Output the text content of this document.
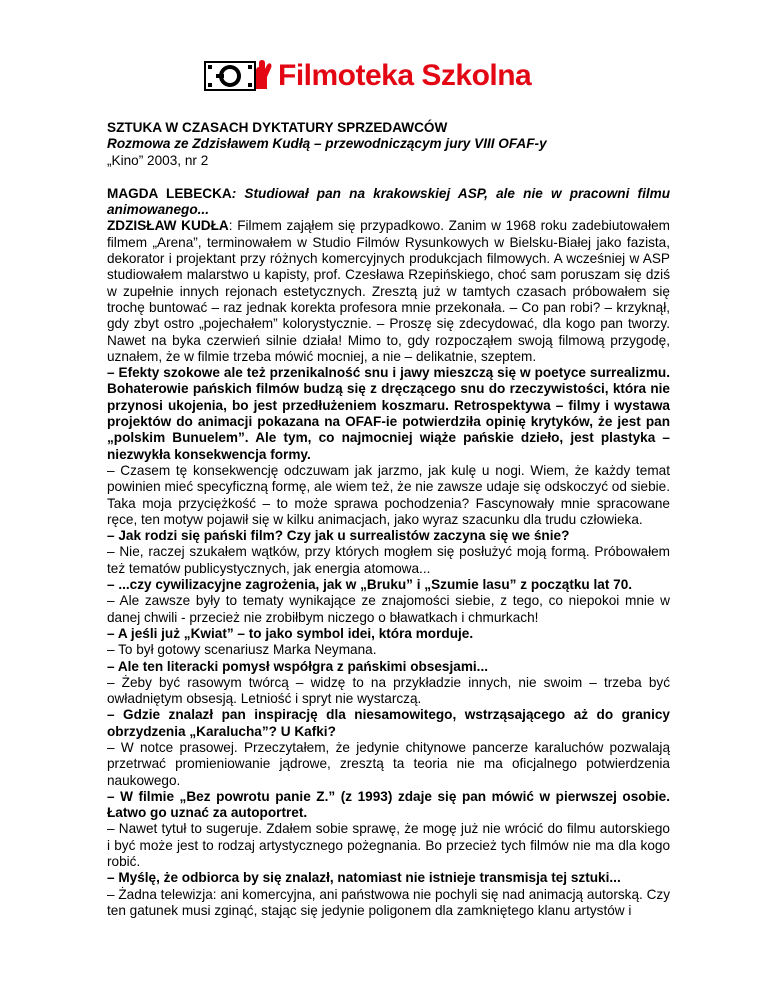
Filmoteka Szkolna

SZTUKA W CZASACH DYKTATURY SPRZEDAWCÓW

Rozmowa ze Zdzisławem Kudłą – przewodniczącym jury VIII OFAF-y

„Kino” 2003, nr 2

MAGDA LEBECKA: Studiował pan na krakowskiej ASP, ale nie w pracowni filmu animowanego...

ZDZISŁAW KUDŁA: Filmem zająłem się przypadkowo. Zanim w 1968 roku zadebiutowałem filmem „Arena”, terminowałem w Studio Filmów Rysunkowych w Bielsku-Białej jako fazista, dekorator i projektant przy różnych komercyjnych produkcjach filmowych. A wcześniej w ASP studiowałem malarstwo u kapisty, prof. Czesława Rzepińskiego, choć sam poruszam się dziś w zupełnie innych rejonach estetycznych. Zresztą już w tamtych czasach próbowałem się trochę buntować – raz jednak korekta profesora mnie przekonała. – Co pan robi? – krzyknął, gdy zbyt ostro „pojechałem” kolorystycznie. – Proszę się zdecydować, dla kogo pan tworzy. Nawet na byka czerwień silnie działa! Mimo to, gdy rozpocząłem swoją filmową przygodę, uznałem, że w filmie trzeba mówić mocniej, a nie – delikatnie, szeptem.

– Efekty szokowe ale też przenikalność snu i jawy mieszczą się w poetyce surrealizmu. Bohaterowie pańskich filmów budzą się z dręczącego snu do rzeczywistości, która nie przynosi ukojenia, bo jest przedłużeniem koszmaru. Retrospektywa – filmy i wystawa projektów do animacji pokazana na OFAF-ie potwierdziła opinię krytyków, że jest pan „polskim Bunuelem”. Ale tym, co najmocniej wiąże pańskie dzieło, jest plastyka – niezwykła konsekwencja formy.

– Czasem tę konsekwencję odczuwam jak jarzmo, jak kulę u nogi. Wiem, że każdy temat powinien mieć specyficzną formę, ale wiem też, że nie zawsze udaje się odskoczyć od siebie. Taka moja przyciężkość – to może sprawa pochodzenia? Fascynowały mnie spracowane ręce, ten motyw pojawił się w kilku animacjach, jako wyraz szacunku dla trudu człowieka.

– Jak rodzi się pański film? Czy jak u surrealistów zaczyna się we śnie?

– Nie, raczej szukałem wątków, przy których mogłem się posłużyć moją formą. Próbowałem też tematów publicystycznych, jak energia atomowa...

– ...czy cywilizacyjne zagrożenia, jak w „Bruku” i „Szumie lasu” z początku lat 70.

– Ale zawsze były to tematy wynikające ze znajomości siebie, z tego, co niepokoi mnie w danej chwili - przecież nie zrobiłbym niczego o bławatkach i chmurkach!

– A jeśli już „Kwiat” – to jako symbol idei, która morduje.

– To był gotowy scenariusz Marka Neymana.

– Ale ten literacki pomysł współgra z pańskimi obsesjami...

– Żeby być rasowym twórcą – widzę to na przykładzie innych, nie swoim – trzeba być owładniętym obsesją. Letniość i spryt nie wystarczą.

– Gdzie znalazł pan inspirację dla niesamowitego, wstrząsającego aż do granicy obrzydzenia „Karalucha”? U Kafki?

– W notce prasowej. Przeczytałem, że jedynie chitynowe pancerze karaluchów pozwalają przetrwać promieniowanie jądrowe, zresztą ta teoria nie ma oficjalnego potwierdzenia naukowego.

– W filmie „Bez powrotu panie Z.” (z 1993) zdaje się pan mówić w pierwszej osobie. Łatwo go uznać za autoportret.

– Nawet tytuł to sugeruje. Zdałem sobie sprawę, że mogę już nie wrócić do filmu autorskiego i być może jest to rodzaj artystycznego pożegnania. Bo przecież tych filmów nie ma dla kogo robić.

– Myślę, że odbiorca by się znalazł, natomiast nie istnieje transmisja tej sztuki...

– Żadna telewizja: ani komercyjna, ani państwowa nie pochyli się nad animacją autorską. Czy ten gatunek musi zginąć, stając się jedynie poligonem dla zamkniętego klanu artystów i
